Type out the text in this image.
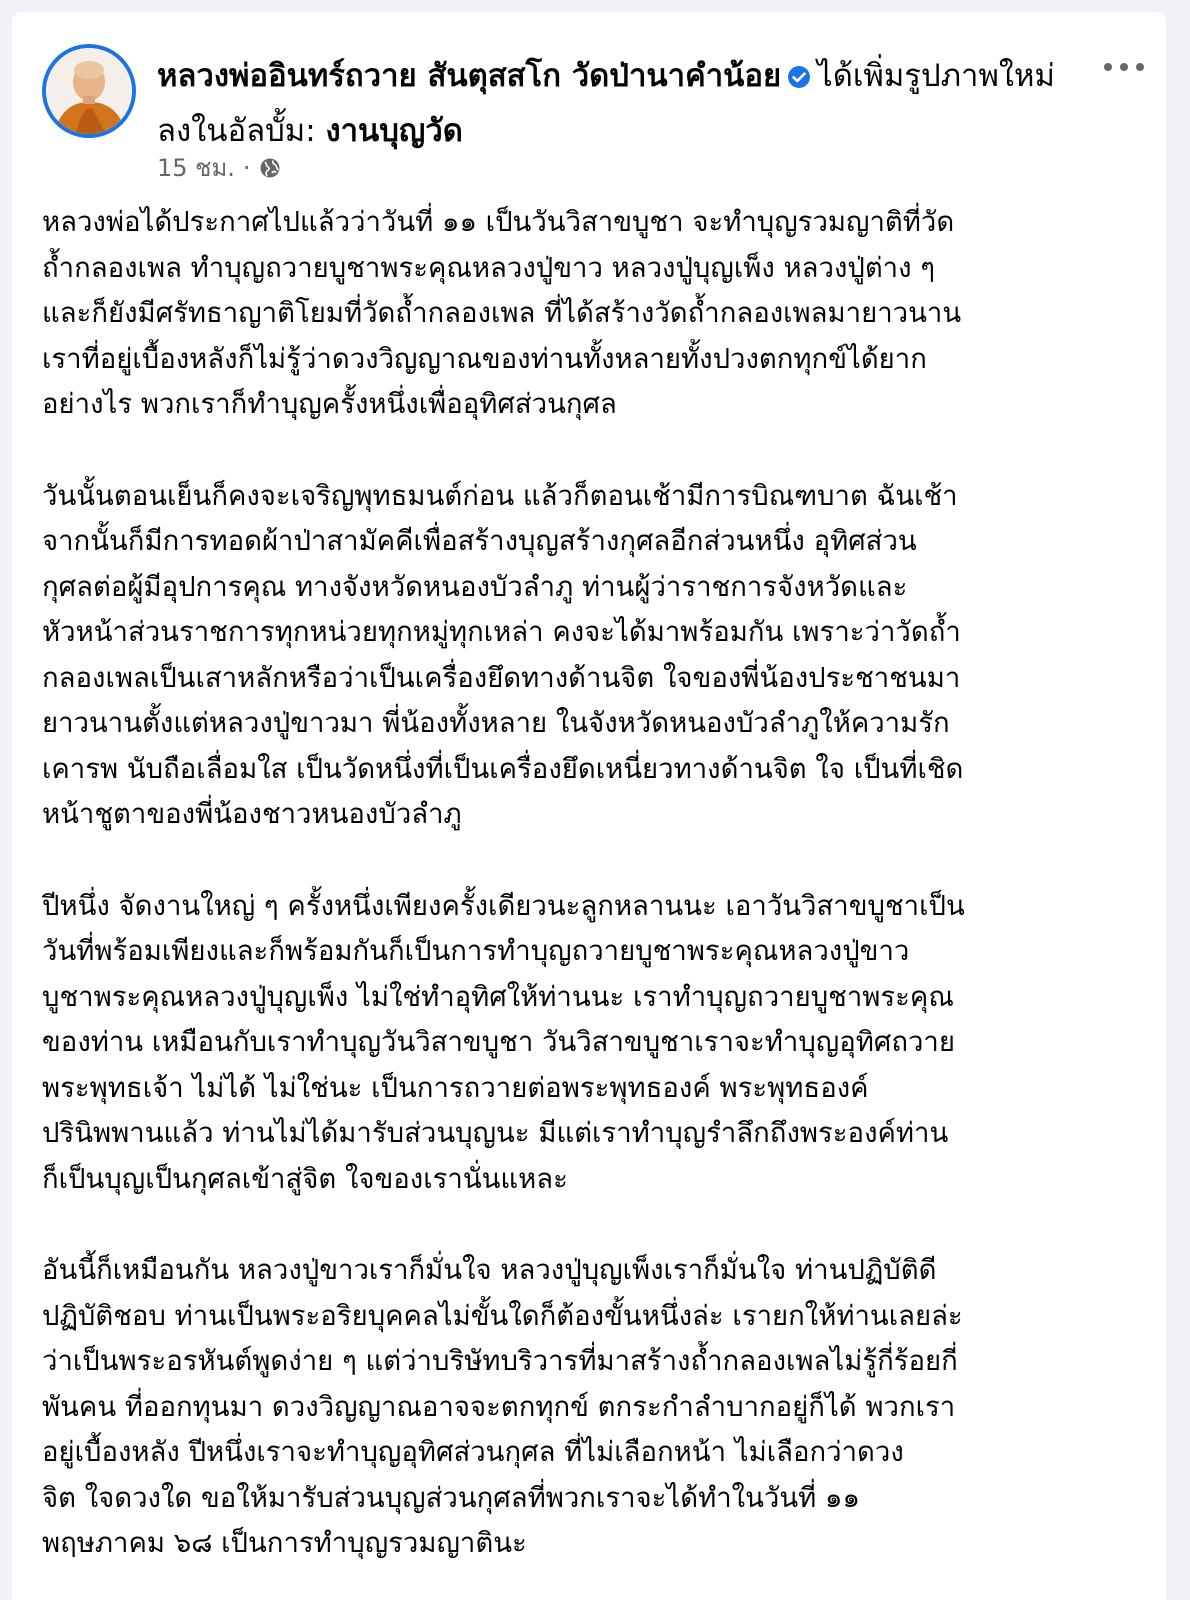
หลวงพ่ออินทร์ถวาย สันตุสสโก วัดป่านาคำน้อย ได้เพิ่มรูปภาพใหม่ลงในอัลบั้ม: งานบุญวัด
15 ชม. ·
หลวงพ่อได้ประกาศไปแล้วว่าวันที่ ๑๑ เป็นวันวิสาขบูชา จะทำบุญรวมญาติที่วัด
ถ้ำกลองเพล ทำบุญถวายบูชาพระคุณหลวงปู่ขาว หลวงปู่บุญเพ็ง หลวงปู่ต่าง ๆ
และก็ยังมีศรัทธาญาติโยมที่วัดถ้ำกลองเพล ที่ได้สร้างวัดถ้ำกลองเพลมายาวนาน
เราที่อยู่เบื้องหลังก็ไม่รู้ว่าดวงวิญญาณของท่านทั้งหลายทั้งปวงตกทุกข์ได้ยาก
อย่างไร พวกเราก็ทำบุญครั้งหนึ่งเพื่ออุทิศส่วนกุศล
วันนั้นตอนเย็นก็คงจะเจริญพุทธมนต์ก่อน แล้วก็ตอนเช้ามีการบิณฑบาต ฉันเช้า
จากนั้นก็มีการทอดผ้าป่าสามัคคีเพื่อสร้างบุญสร้างกุศลอีกส่วนหนึ่ง อุทิศส่วน
กุศลต่อผู้มีอุปการคุณ ทางจังหวัดหนองบัวลำภู ท่านผู้ว่าราชการจังหวัดและ
หัวหน้าส่วนราชการทุกหน่วยทุกหมู่ทุกเหล่า คงจะได้มาพร้อมกัน เพราะว่าวัดถ้ำ
กลองเพลเป็นเสาหลักหรือว่าเป็นเครื่องยึดทางด้านจิต ใจของพี่น้องประชาชนมา
ยาวนานตั้งแต่หลวงปู่ขาวมา พี่น้องทั้งหลาย ในจังหวัดหนองบัวลำภูให้ความรัก
เคารพ นับถือเลื่อมใส เป็นวัดหนึ่งที่เป็นเครื่องยึดเหนี่ยวทางด้านจิต ใจ เป็นที่เชิด
หน้าชูตาของพี่น้องชาวหนองบัวลำภู
ปีหนึ่ง จัดงานใหญ่ ๆ ครั้งหนึ่งเพียงครั้งเดียวนะลูกหลานนะ เอาวันวิสาขบูชาเป็น
วันที่พร้อมเพียงและก็พร้อมกันก็เป็นการทำบุญถวายบูชาพระคุณหลวงปู่ขาว
บูชาพระคุณหลวงปู่บุญเพ็ง ไม่ใช่ทำอุทิศให้ท่านนะ เราทำบุญถวายบูชาพระคุณ
ของท่าน เหมือนกับเราทำบุญวันวิสาขบูชา วันวิสาขบูชาเราจะทำบุญอุทิศถวาย
พระพุทธเจ้า ไม่ได้ ไม่ใช่นะ เป็นการถวายต่อพระพุทธองค์ พระพุทธองค์
ปรินิพพานแล้ว ท่านไม่ได้มารับส่วนบุญนะ มีแต่เราทำบุญรำลึกถึงพระองค์ท่าน
ก็เป็นบุญเป็นกุศลเข้าสู่จิต ใจของเรานั่นแหละ
อันนี้ก็เหมือนกัน หลวงปู่ขาวเราก็มั่นใจ หลวงปู่บุญเพ็งเราก็มั่นใจ ท่านปฏิบัติดี
ปฏิบัติชอบ ท่านเป็นพระอริยบุคคลไม่ขั้นใดก็ต้องขั้นหนึ่งล่ะ เรายกให้ท่านเลยล่ะ
ว่าเป็นพระอรหันต์พูดง่าย ๆ แต่ว่าบริษัทบริวารที่มาสร้างถ้ำกลองเพลไม่รู้กี่ร้อยกี่
พันคน ที่ออกทุนมา ดวงวิญญาณอาจจะตกทุกข์ ตกระกำลำบากอยู่ก็ได้ พวกเรา
อยู่เบื้องหลัง ปีหนึ่งเราจะทำบุญอุทิศส่วนกุศล ที่ไม่เลือกหน้า ไม่เลือกว่าดวง
จิต ใจดวงใด ขอให้มารับส่วนบุญส่วนกุศลที่พวกเราจะได้ทำในวันที่ ๑๑
พฤษภาคม ๖๘ เป็นการทำบุญรวมญาตินะ
